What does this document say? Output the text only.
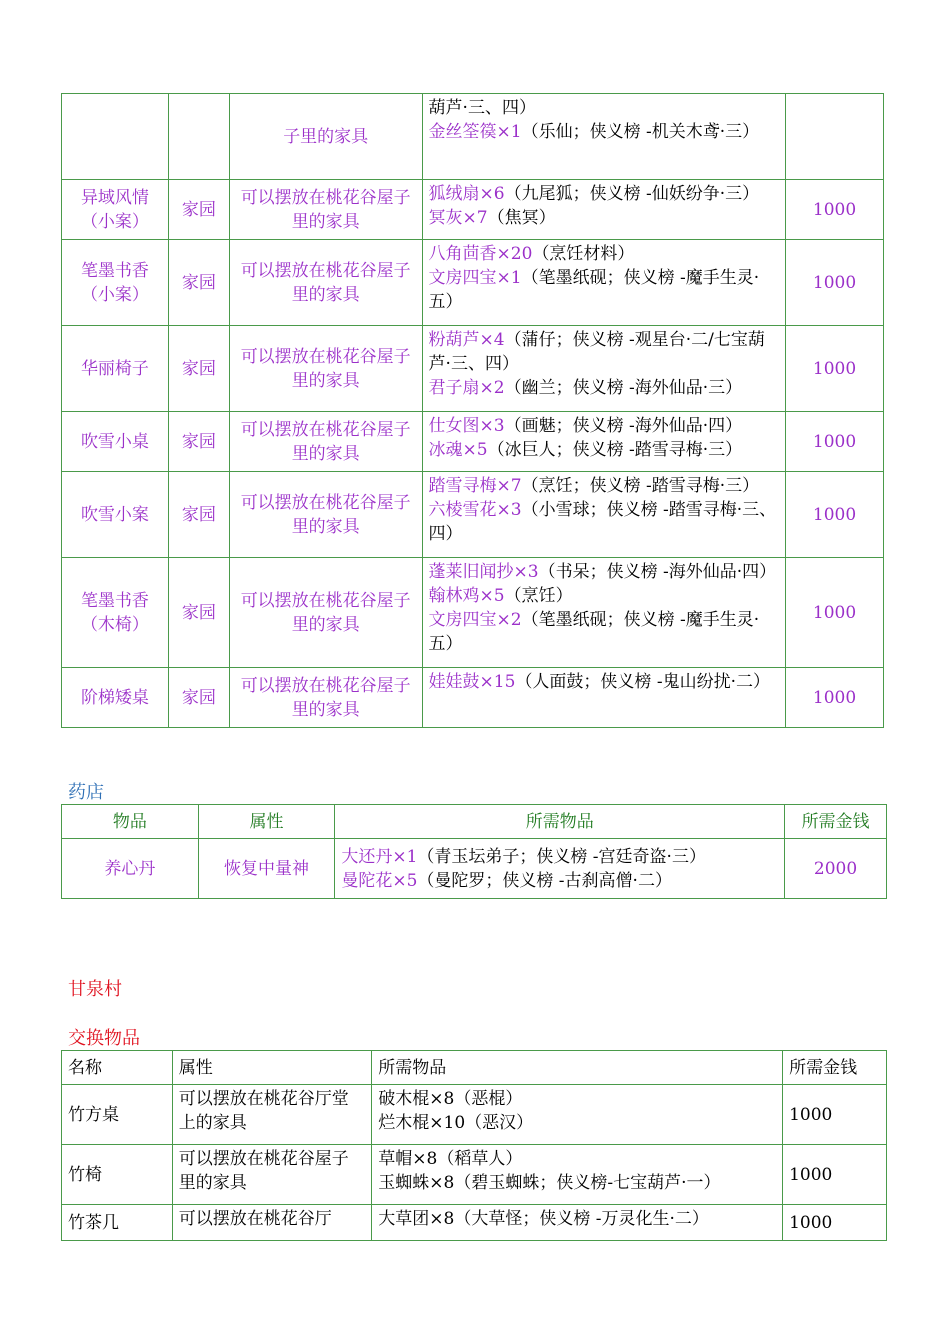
		子里的家具	葫芦·三、四）
金丝筌篌×1（乐仙；侠义榜 -机关木鸢·三）	

异域风情（小案）	家园	可以摆放在桃花谷屋子里的家具	狐绒扇×6（九尾狐；侠义榜 -仙妖纷争·三）
冥灰×7（焦冥）	1000
笔墨书香（小案）	家园	可以摆放在桃花谷屋子里的家具	八角茴香×20（烹饪材料）
文房四宝×1（笔墨纸砚；侠义榜 -魔手生灵·五）	1000
华丽椅子	家园	可以摆放在桃花谷屋子里的家具	粉葫芦×4（蒲仔；侠义榜 -观星台·二/七宝葫芦·三、四）
君子扇×2（幽兰；侠义榜 -海外仙品·三）	1000
吹雪小桌	家园	可以摆放在桃花谷屋子里的家具	仕女图×3（画魅；侠义榜 -海外仙品·四）
冰魂×5（冰巨人；侠义榜 -踏雪寻梅·三）	1000
吹雪小案	家园	可以摆放在桃花谷屋子里的家具	踏雪寻梅×7（烹饪；侠义榜 -踏雪寻梅·三）
六棱雪花×3（小雪球；侠义榜 -踏雪寻梅·三、四）	1000
笔墨书香（木椅）	家园	可以摆放在桃花谷屋子里的家具	蓬莱旧闻抄×3（书呆；侠义榜 -海外仙品·四）
翰林鸡×5（烹饪）
文房四宝×2（笔墨纸砚；侠义榜 -魔手生灵·五）	1000
阶梯矮桌	家园	可以摆放在桃花谷屋子里的家具	娃娃鼓×15（人面鼓；侠义榜 -鬼山纷扰·二）	1000
药店
物品	属性	所需物品	所需金钱
养心丹	恢复中量神	大还丹×1（青玉坛弟子；侠义榜 -宫廷奇盗·三）
曼陀花×5（曼陀罗；侠义榜 -古刹高僧·二）	2000
甘泉村
交换物品
名称	属性	所需物品	所需金钱
竹方桌	可以摆放在桃花谷厅堂上的家具	破木棍×8（恶棍）
烂木棍×10（恶汉）	1000
竹椅	可以摆放在桃花谷屋子里的家具	草帽×8（稻草人）
玉蜘蛛×8（碧玉蜘蛛；侠义榜-七宝葫芦·一）	1000
竹茶几	可以摆放在桃花谷厅	大草团×8（大草怪；侠义榜 -万灵化生·二）	1000
